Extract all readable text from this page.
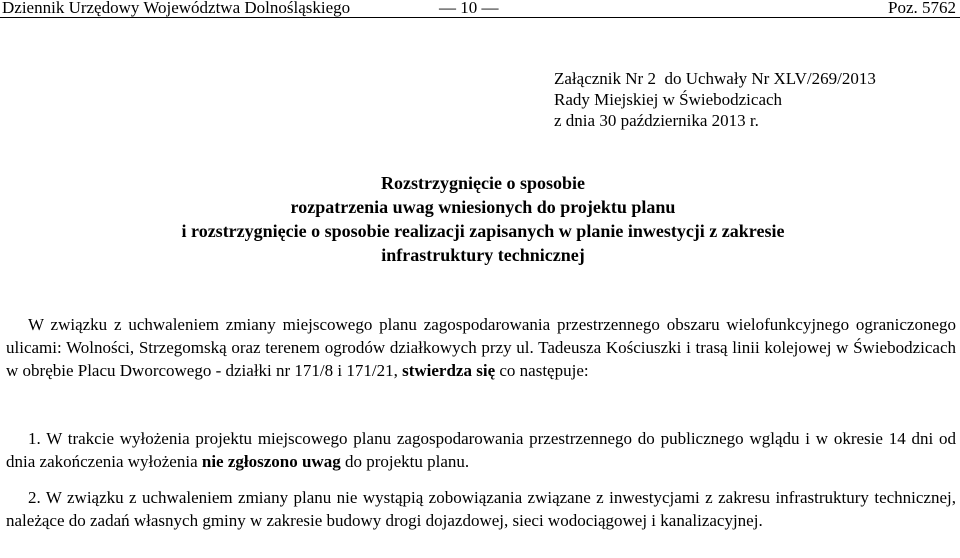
Dziennik Urzędowy Województwa Dolnośląskiego	— 10 —	Poz. 5762
Załącznik Nr 2  do Uchwały Nr XLV/269/2013
Rady Miejskiej w Świebodzicach
z dnia 30 października 2013 r.
Rozstrzygnięcie o sposobie
rozpatrzenia uwag wniesionych do projektu planu
i rozstrzygnięcie o sposobie realizacji zapisanych w planie inwestycji z zakresie
infrastruktury technicznej

W związku z uchwaleniem zmiany miejscowego planu zagospodarowania przestrzennego obszaru wielofunkcyjnego ograniczonego ulicami: Wolności, Strzegomską oraz terenem ogrodów działkowych przy ul. Tadeusza Kościuszki i trasą linii kolejowej w Świebodzicach w obrębie Placu Dworcowego - działki nr 171/8 i 171/21, stwierdza się co następuje:

1. W trakcie wyłożenia projektu miejscowego planu zagospodarowania przestrzennego do publicznego wglądu i w okresie 14 dni od dnia zakończenia wyłożenia nie zgłoszono uwag do projektu planu.

2. W związku z uchwaleniem zmiany planu nie wystąpią zobowiązania związane z inwestycjami z zakresu infrastruktury technicznej, należące do zadań własnych gminy w zakresie budowy drogi dojazdowej, sieci wodociągowej i kanalizacyjnej.
